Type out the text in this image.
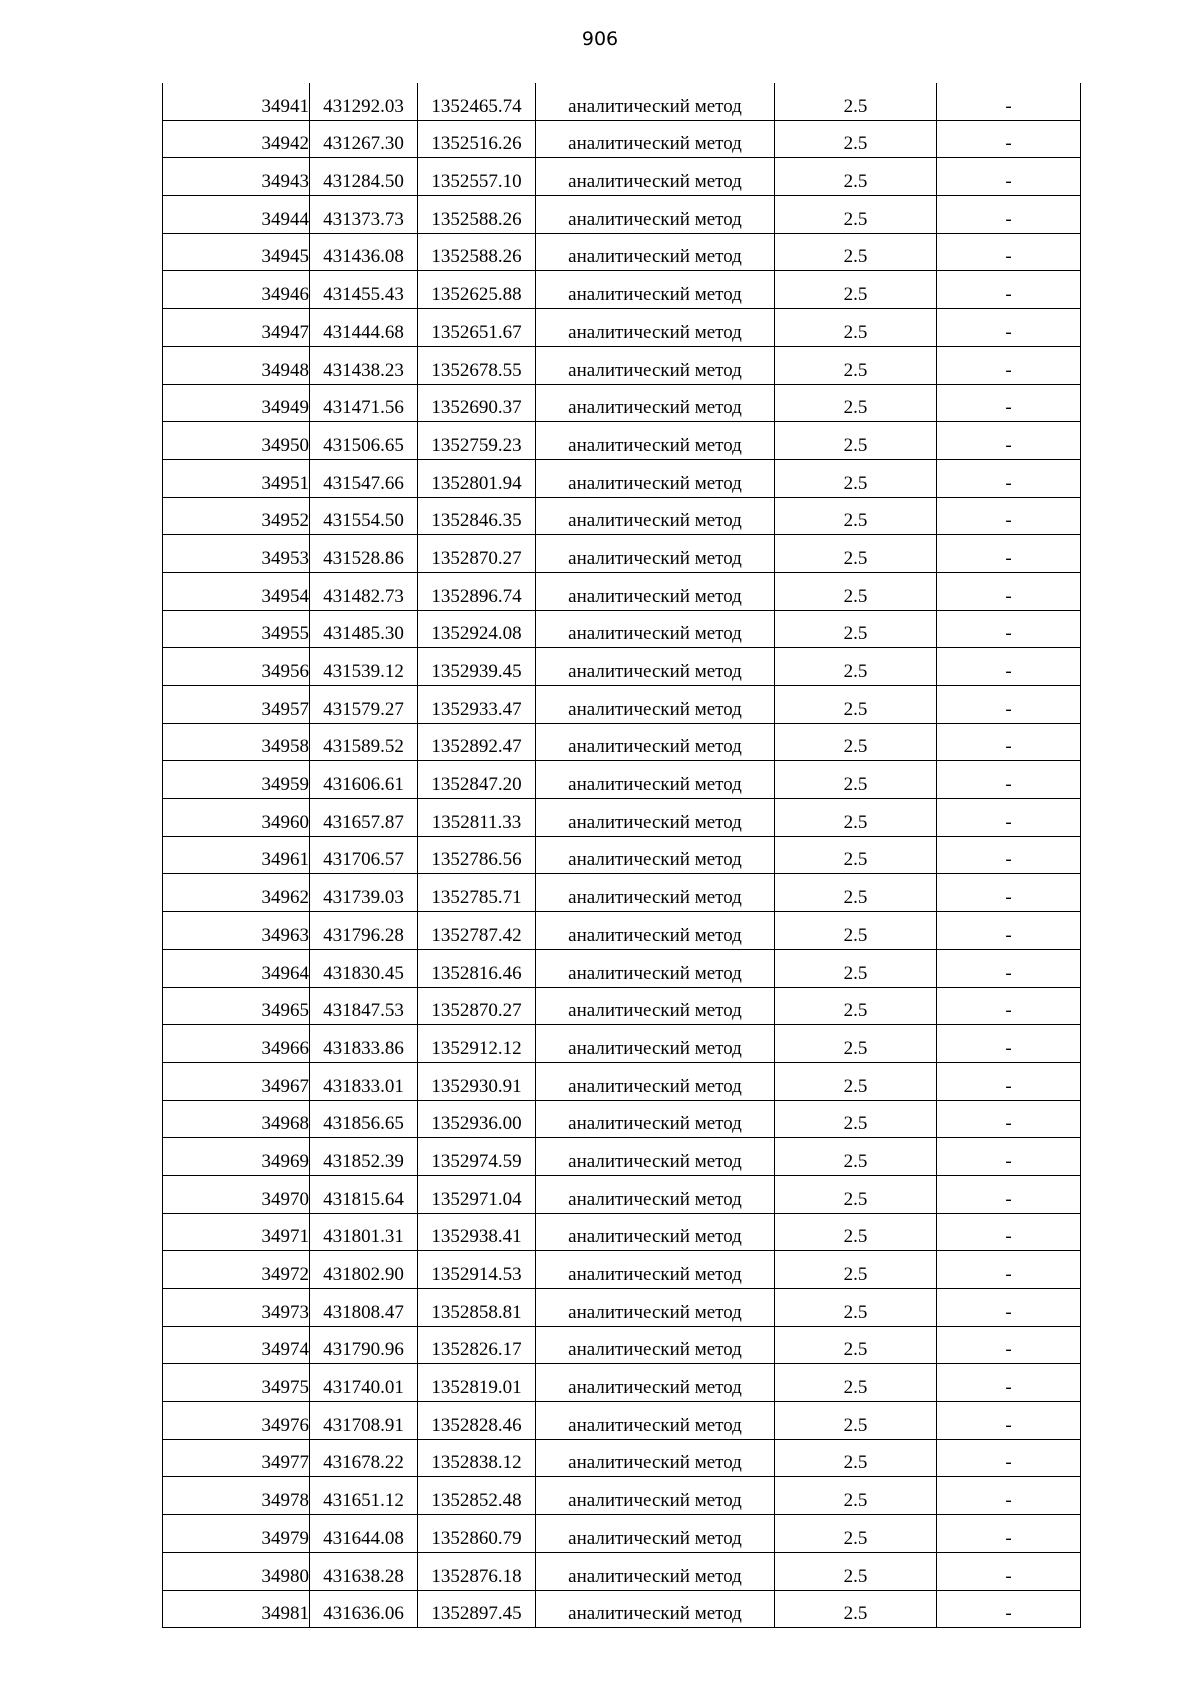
906
34941	431292.03	1352465.74	аналитический метод	2.5	-
34942	431267.30	1352516.26	аналитический метод	2.5	-
34943	431284.50	1352557.10	аналитический метод	2.5	-
34944	431373.73	1352588.26	аналитический метод	2.5	-
34945	431436.08	1352588.26	аналитический метод	2.5	-
34946	431455.43	1352625.88	аналитический метод	2.5	-
34947	431444.68	1352651.67	аналитический метод	2.5	-
34948	431438.23	1352678.55	аналитический метод	2.5	-
34949	431471.56	1352690.37	аналитический метод	2.5	-
34950	431506.65	1352759.23	аналитический метод	2.5	-
34951	431547.66	1352801.94	аналитический метод	2.5	-
34952	431554.50	1352846.35	аналитический метод	2.5	-
34953	431528.86	1352870.27	аналитический метод	2.5	-
34954	431482.73	1352896.74	аналитический метод	2.5	-
34955	431485.30	1352924.08	аналитический метод	2.5	-
34956	431539.12	1352939.45	аналитический метод	2.5	-
34957	431579.27	1352933.47	аналитический метод	2.5	-
34958	431589.52	1352892.47	аналитический метод	2.5	-
34959	431606.61	1352847.20	аналитический метод	2.5	-
34960	431657.87	1352811.33	аналитический метод	2.5	-
34961	431706.57	1352786.56	аналитический метод	2.5	-
34962	431739.03	1352785.71	аналитический метод	2.5	-
34963	431796.28	1352787.42	аналитический метод	2.5	-
34964	431830.45	1352816.46	аналитический метод	2.5	-
34965	431847.53	1352870.27	аналитический метод	2.5	-
34966	431833.86	1352912.12	аналитический метод	2.5	-
34967	431833.01	1352930.91	аналитический метод	2.5	-
34968	431856.65	1352936.00	аналитический метод	2.5	-
34969	431852.39	1352974.59	аналитический метод	2.5	-
34970	431815.64	1352971.04	аналитический метод	2.5	-
34971	431801.31	1352938.41	аналитический метод	2.5	-
34972	431802.90	1352914.53	аналитический метод	2.5	-
34973	431808.47	1352858.81	аналитический метод	2.5	-
34974	431790.96	1352826.17	аналитический метод	2.5	-
34975	431740.01	1352819.01	аналитический метод	2.5	-
34976	431708.91	1352828.46	аналитический метод	2.5	-
34977	431678.22	1352838.12	аналитический метод	2.5	-
34978	431651.12	1352852.48	аналитический метод	2.5	-
34979	431644.08	1352860.79	аналитический метод	2.5	-
34980	431638.28	1352876.18	аналитический метод	2.5	-
34981	431636.06	1352897.45	аналитический метод	2.5	-
